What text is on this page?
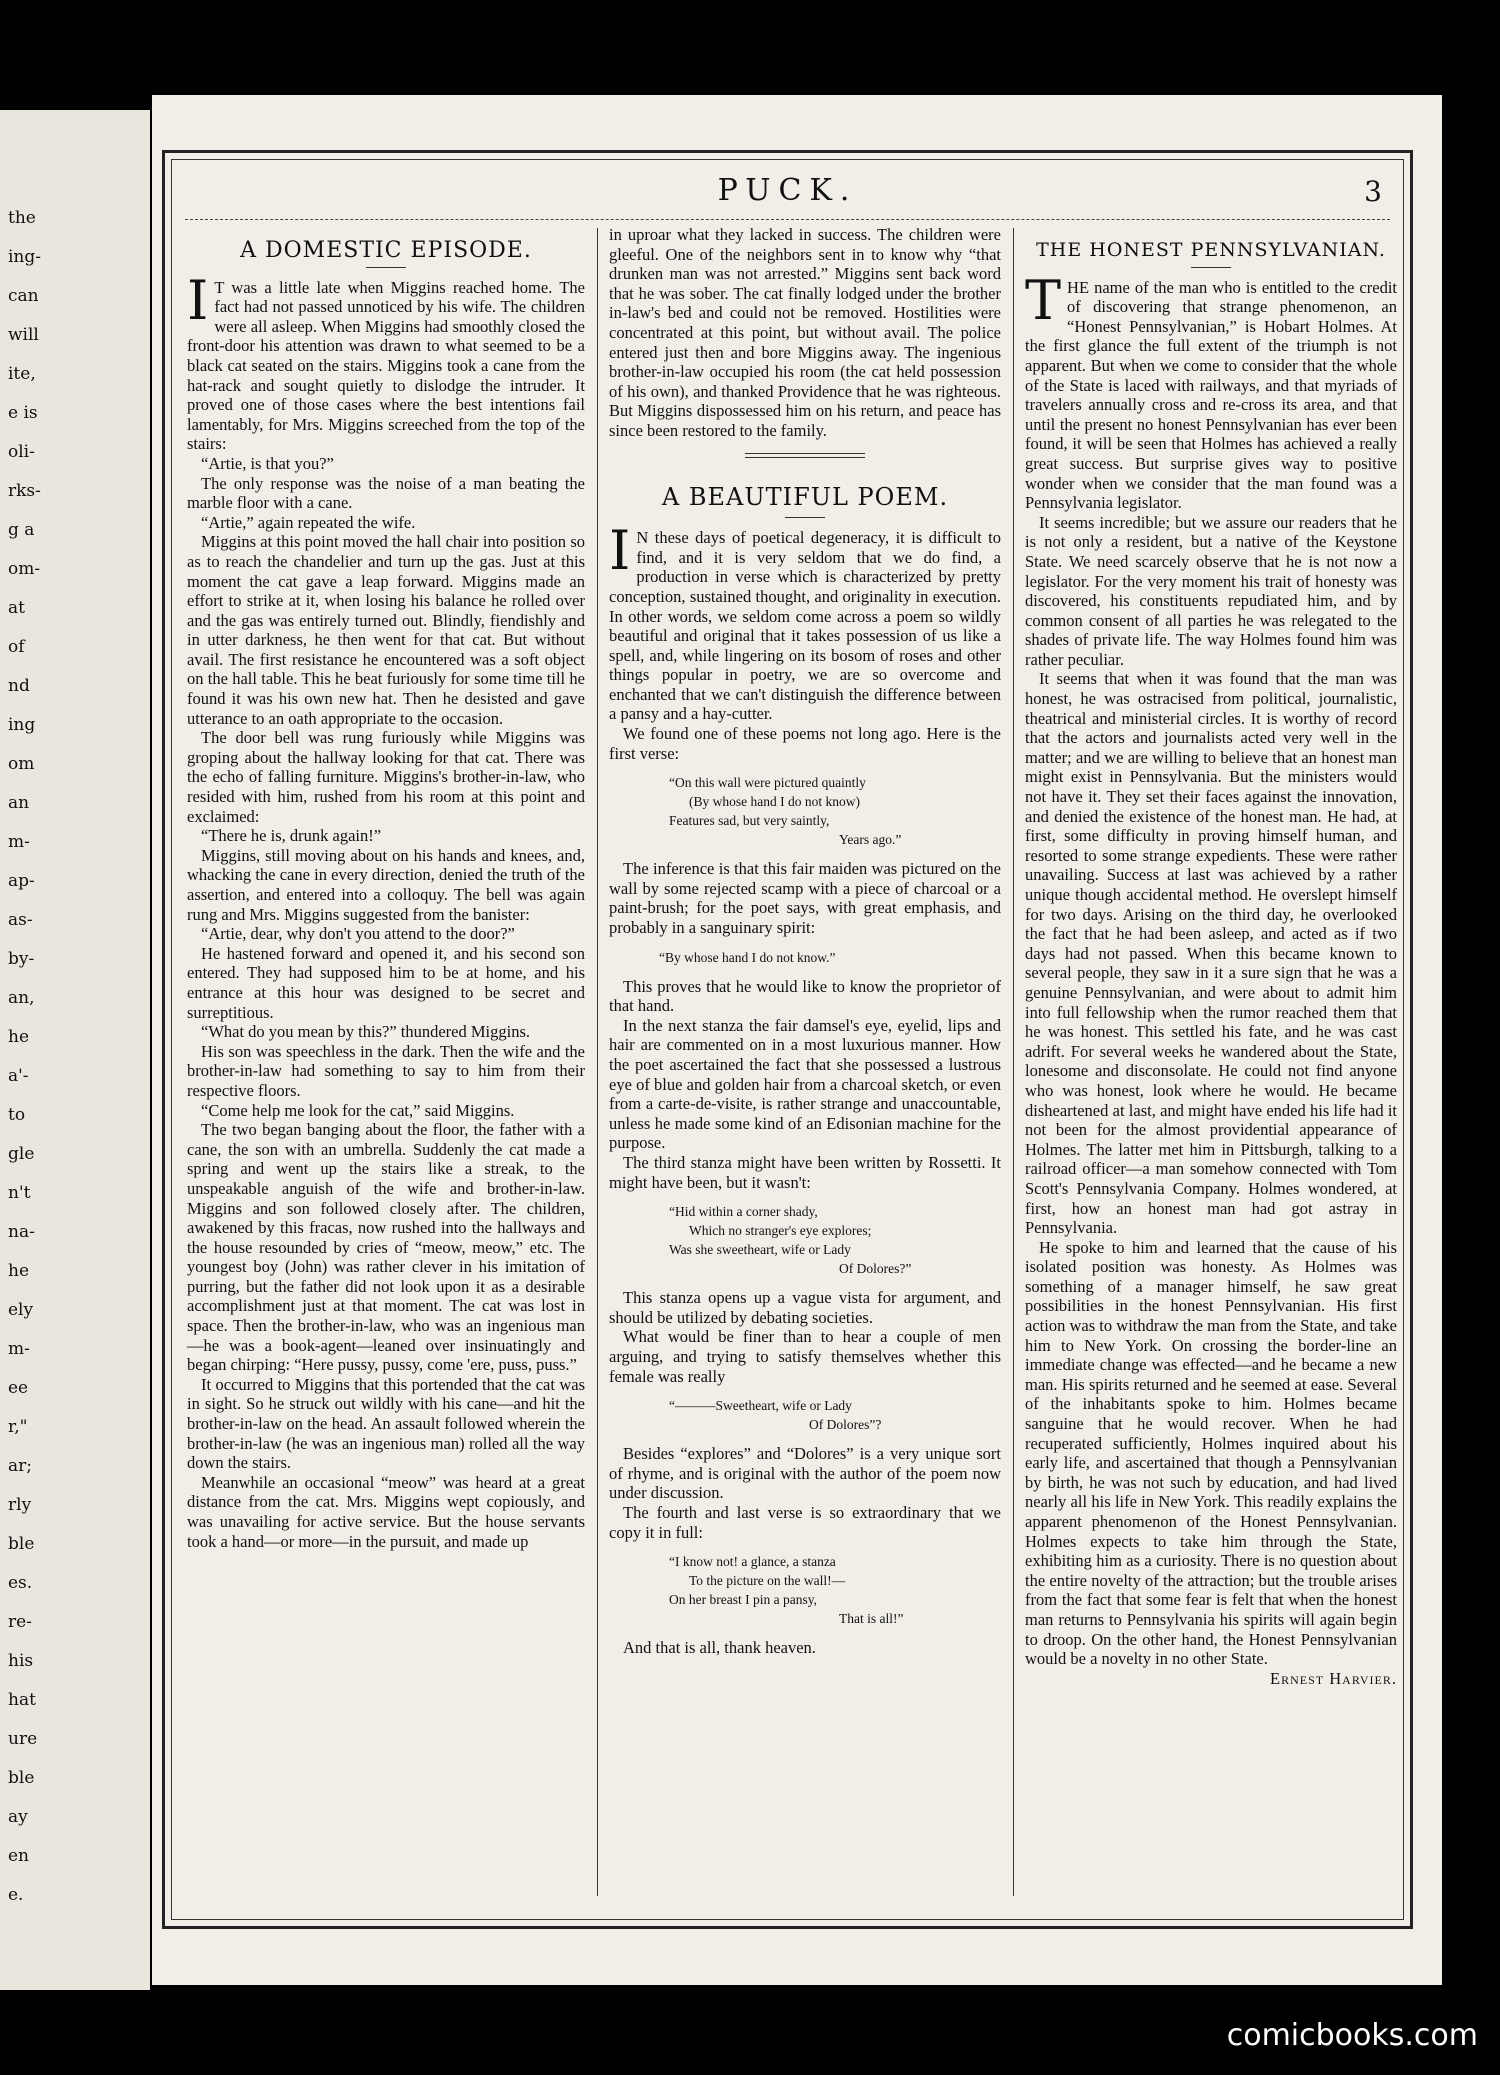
the
ing-
can
will
ite,
e is
oli-
rks-
g a
om-
at
of
nd
ing
om
an
m-
ap-
as-
by-
an,
he
a'-
to
gle
n't
na-
he
ely
m-
ee
r,"
ar;
rly
ble
es.
re-
his
hat
ure
ble
ay
en
e.
PUCK.	3
A DOMESTIC EPISODE.
I T was a little late when Miggins reached home. The fact had not passed unnoticed by his wife. The children were all asleep. When Miggins had smoothly closed the front-door his attention was drawn to what seemed to be a black cat seated on the stairs. Miggins took a cane from the hat-rack and sought quietly to dislodge the intruder. It proved one of those cases where the best intentions fail lamentably, for Mrs. Miggins screeched from the top of the stairs:

“Artie, is that you?”

The only response was the noise of a man beating the marble floor with a cane.

“Artie,” again repeated the wife.

Miggins at this point moved the hall chair into position so as to reach the chandelier and turn up the gas. Just at this moment the cat gave a leap forward. Miggins made an effort to strike at it, when losing his balance he rolled over and the gas was entirely turned out. Blindly, fiendishly and in utter darkness, he then went for that cat. But without avail. The first resistance he encountered was a soft object on the hall table. This he beat furiously for some time till he found it was his own new hat. Then he desisted and gave utterance to an oath appropriate to the occasion.

The door bell was rung furiously while Miggins was groping about the hallway looking for that cat. There was the echo of falling furniture. Miggins's brother-in-law, who resided with him, rushed from his room at this point and exclaimed:

“There he is, drunk again!”

Miggins, still moving about on his hands and knees, and, whacking the cane in every direction, denied the truth of the assertion, and entered into a colloquy. The bell was again rung and Mrs. Miggins suggested from the banister:

“Artie, dear, why don't you attend to the door?”

He hastened forward and opened it, and his second son entered. They had supposed him to be at home, and his entrance at this hour was designed to be secret and surreptitious.

“What do you mean by this?” thundered Miggins.

His son was speechless in the dark. Then the wife and the brother-in-law had something to say to him from their respective floors.

“Come help me look for the cat,” said Miggins.

The two began banging about the floor, the father with a cane, the son with an umbrella. Suddenly the cat made a spring and went up the stairs like a streak, to the unspeakable anguish of the wife and brother-in-law. Miggins and son followed closely after. The children, awakened by this fracas, now rushed into the hallways and the house resounded by cries of “meow, meow,” etc. The youngest boy (John) was rather clever in his imitation of purring, but the father did not look upon it as a desirable accomplishment just at that moment. The cat was lost in space. Then the brother-in-law, who was an ingenious man—he was a book-agent—leaned over insinuatingly and began chirping: “Here pussy, pussy, come 'ere, puss, puss.”

It occurred to Miggins that this portended that the cat was in sight. So he struck out wildly with his cane—and hit the brother-in-law on the head. An assault followed wherein the brother-in-law (he was an ingenious man) rolled all the way down the stairs.

Meanwhile an occasional “meow” was heard at a great distance from the cat. Mrs. Miggins wept copiously, and was unavailing for active service. But the house servants took a hand—or more—in the pursuit, and made up

in uproar what they lacked in success. The children were gleeful. One of the neighbors sent in to know why “that drunken man was not arrested.” Miggins sent back word that he was sober. The cat finally lodged under the brother in-law's bed and could not be removed. Hostilities were concentrated at this point, but without avail. The police entered just then and bore Miggins away. The ingenious brother-in-law occupied his room (the cat held possession of his own), and thanked Providence that he was righteous. But Miggins dispossessed him on his return, and peace has since been restored to the family.

A BEAUTIFUL POEM.
I N these days of poetical degeneracy, it is difficult to find, and it is very seldom that we do find, a production in verse which is characterized by pretty conception, sustained thought, and originality in execution. In other words, we seldom come across a poem so wildly beautiful and original that it takes possession of us like a spell, and, while lingering on its bosom of roses and other things popular in poetry, we are so overcome and enchanted that we can't distinguish the difference between a pansy and a hay-cutter.

We found one of these poems not long ago. Here is the first verse:

“On this wall were pictured quaintly
(By whose hand I do not know)
Features sad, but very saintly,
Years ago.”

The inference is that this fair maiden was pictured on the wall by some rejected scamp with a piece of charcoal or a paint-brush; for the poet says, with great emphasis, and probably in a sanguinary spirit:

“By whose hand I do not know.”

This proves that he would like to know the proprietor of that hand.

In the next stanza the fair damsel's eye, eyelid, lips and hair are commented on in a most luxurious manner. How the poet ascertained the fact that she possessed a lustrous eye of blue and golden hair from a charcoal sketch, or even from a carte-de-visite, is rather strange and unaccountable, unless he made some kind of an Edisonian machine for the purpose.

The third stanza might have been written by Rossetti. It might have been, but it wasn't:

“Hid within a corner shady,
Which no stranger's eye explores;
Was she sweetheart, wife or Lady
Of Dolores?”

This stanza opens up a vague vista for argument, and should be utilized by debating societies.

What would be finer than to hear a couple of men arguing, and trying to satisfy themselves whether this female was really

“———Sweetheart, wife or Lady
Of Dolores”?

Besides “explores” and “Dolores” is a very unique sort of rhyme, and is original with the author of the poem now under discussion.

The fourth and last verse is so extraordinary that we copy it in full:

“I know not! a glance, a stanza
To the picture on the wall!—
On her breast I pin a pansy,
That is all!”

And that is all, thank heaven.

THE HONEST PENNSYLVANIAN.
T HE name of the man who is entitled to the credit of discovering that strange phenomenon, an “Honest Pennsylvanian,” is Hobart Holmes. At the first glance the full extent of the triumph is not apparent. But when we come to consider that the whole of the State is laced with railways, and that myriads of travelers annually cross and re-cross its area, and that until the present no honest Pennsylvanian has ever been found, it will be seen that Holmes has achieved a really great success. But surprise gives way to positive wonder when we consider that the man found was a Pennsylvania legislator.

It seems incredible; but we assure our readers that he is not only a resident, but a native of the Keystone State. We need scarcely observe that he is not now a legislator. For the very moment his trait of honesty was discovered, his constituents repudiated him, and by common consent of all parties he was relegated to the shades of private life. The way Holmes found him was rather peculiar.

It seems that when it was found that the man was honest, he was ostracised from political, journalistic, theatrical and ministerial circles. It is worthy of record that the actors and journalists acted very well in the matter; and we are willing to believe that an honest man might exist in Pennsylvania. But the ministers would not have it. They set their faces against the innovation, and denied the existence of the honest man. He had, at first, some difficulty in proving himself human, and resorted to some strange expedients. These were rather unavailing. Success at last was achieved by a rather unique though accidental method. He overslept himself for two days. Arising on the third day, he overlooked the fact that he had been asleep, and acted as if two days had not passed. When this became known to several people, they saw in it a sure sign that he was a genuine Pennsylvanian, and were about to admit him into full fellowship when the rumor reached them that he was honest. This settled his fate, and he was cast adrift. For several weeks he wandered about the State, lonesome and disconsolate. He could not find anyone who was honest, look where he would. He became disheartened at last, and might have ended his life had it not been for the almost providential appearance of Holmes. The latter met him in Pittsburgh, talking to a railroad officer—a man somehow connected with Tom Scott's Pennsylvania Company. Holmes wondered, at first, how an honest man had got astray in Pennsylvania.

He spoke to him and learned that the cause of his isolated position was honesty. As Holmes was something of a manager himself, he saw great possibilities in the honest Pennsylvanian. His first action was to withdraw the man from the State, and take him to New York. On crossing the border-line an immediate change was effected—and he became a new man. His spirits returned and he seemed at ease. Several of the inhabitants spoke to him. Holmes became sanguine that he would recover. When he had recuperated sufficiently, Holmes inquired about his early life, and ascertained that though a Pennsylvanian by birth, he was not such by education, and had lived nearly all his life in New York. This readily explains the apparent phenomenon of the Honest Pennsylvanian. Holmes expects to take him through the State, exhibiting him as a curiosity. There is no question about the entire novelty of the attraction; but the trouble arises from the fact that some fear is felt that when the honest man returns to Pennsylvania his spirits will again begin to droop. On the other hand, the Honest Pennsylvanian would be a novelty in no other State.

Ernest Harvier.
comicbooks.com
